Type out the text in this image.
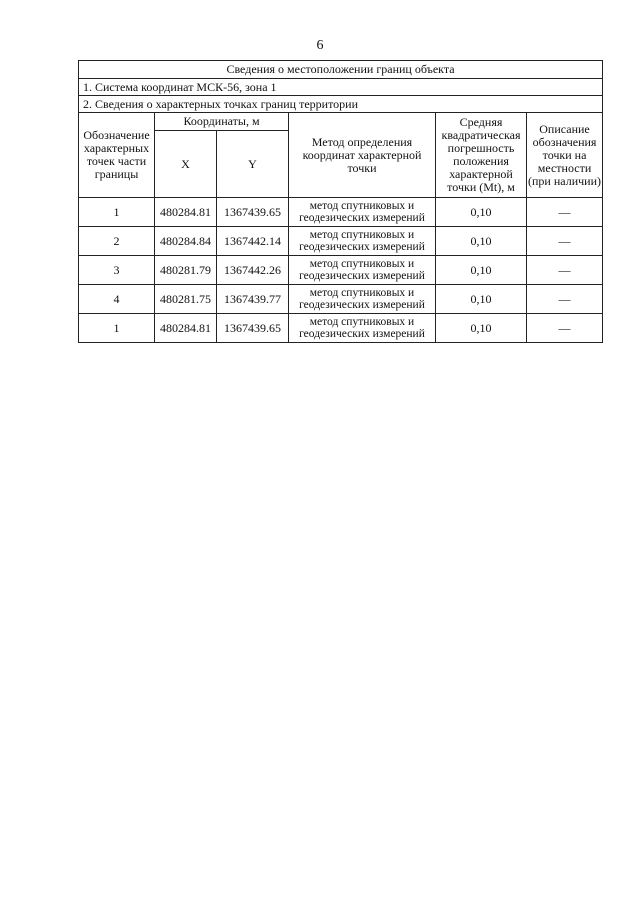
6
Сведения о местоположении границ объекта					
1. Система координат МСК-56, зона 1					
2. Сведения о характерных точках границ территории					
Обозначение характерных точек части границы	Координаты, м		Метод определения координат характерной точки	Средняя квадратическая погрешность положения характерной точки (Mt), м	Описание обозначения точки на местности (при наличии)
	X	Y			
1	480284.81	1367439.65	метод спутниковых и геодезических измерений	0,10	—
2	480284.84	1367442.14	метод спутниковых и геодезических измерений	0,10	—
3	480281.79	1367442.26	метод спутниковых и геодезических измерений	0,10	—
4	480281.75	1367439.77	метод спутниковых и геодезических измерений	0,10	—
1	480284.81	1367439.65	метод спутниковых и геодезических измерений	0,10	—
